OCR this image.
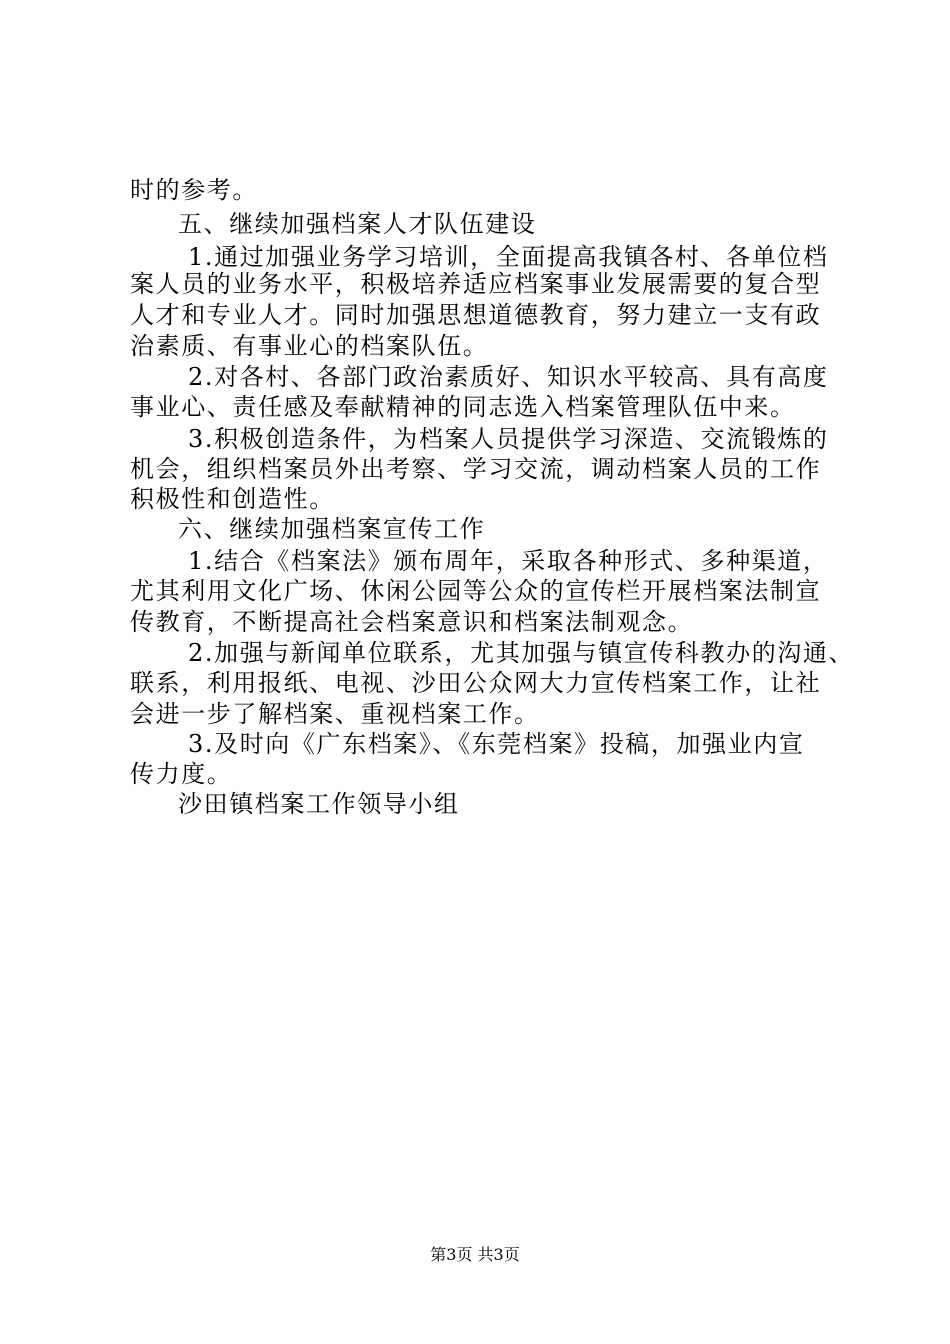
时的参考。
五、继续加强档案人才队伍建设
1.通过加强业务学习培训，全面提高我镇各村、各单位档
案人员的业务水平，积极培养适应档案事业发展需要的复合型
人才和专业人才。同时加强思想道德教育，努力建立一支有政
治素质、有事业心的档案队伍。
2.对各村、各部门政治素质好、知识水平较高、具有高度
事业心、责任感及奉献精神的同志选入档案管理队伍中来。
3.积极创造条件，为档案人员提供学习深造、交流锻炼的
机会，组织档案员外出考察、学习交流，调动档案人员的工作
积极性和创造性。
六、继续加强档案宣传工作
1.结合《档案法》颁布周年，采取各种形式、多种渠道，
尤其利用文化广场、休闲公园等公众的宣传栏开展档案法制宣
传教育，不断提高社会档案意识和档案法制观念。
2.加强与新闻单位联系，尤其加强与镇宣传科教办的沟通、
联系，利用报纸、电视、沙田公众网大力宣传档案工作，让社
会进一步了解档案、重视档案工作。
3.及时向《广东档案》、《东莞档案》投稿，加强业内宣
传力度。
沙田镇档案工作领导小组
第3页 共3页
